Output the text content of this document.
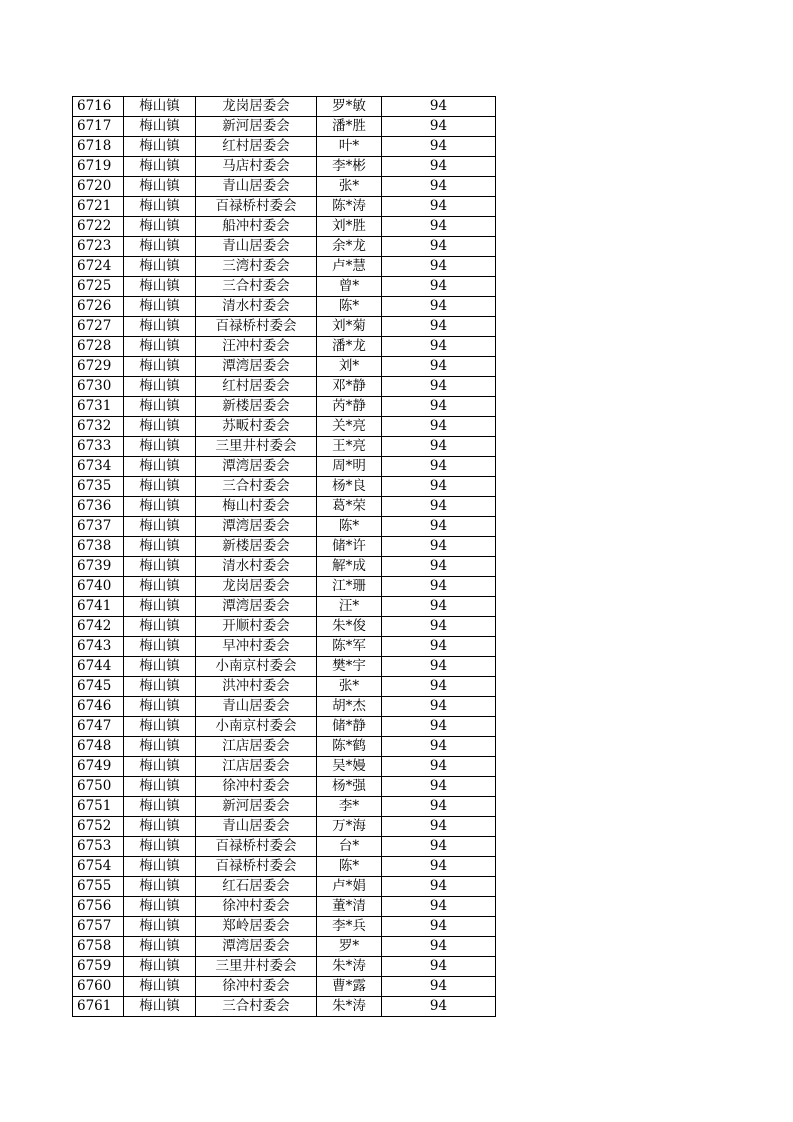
6716	梅山镇	龙岗居委会	罗*敏	94
6717	梅山镇	新河居委会	潘*胜	94
6718	梅山镇	红村居委会	叶*	94
6719	梅山镇	马店村委会	李*彬	94
6720	梅山镇	青山居委会	张*	94
6721	梅山镇	百禄桥村委会	陈*涛	94
6722	梅山镇	船冲村委会	刘*胜	94
6723	梅山镇	青山居委会	余*龙	94
6724	梅山镇	三湾村委会	卢*慧	94
6725	梅山镇	三合村委会	曾*	94
6726	梅山镇	清水村委会	陈*	94
6727	梅山镇	百禄桥村委会	刘*菊	94
6728	梅山镇	汪冲村委会	潘*龙	94
6729	梅山镇	潭湾居委会	刘*	94
6730	梅山镇	红村居委会	邓*静	94
6731	梅山镇	新楼居委会	芮*静	94
6732	梅山镇	苏畈村委会	关*亮	94
6733	梅山镇	三里井村委会	王*亮	94
6734	梅山镇	潭湾居委会	周*明	94
6735	梅山镇	三合村委会	杨*良	94
6736	梅山镇	梅山村委会	葛*荣	94
6737	梅山镇	潭湾居委会	陈*	94
6738	梅山镇	新楼居委会	储*许	94
6739	梅山镇	清水村委会	解*成	94
6740	梅山镇	龙岗居委会	江*珊	94
6741	梅山镇	潭湾居委会	汪*	94
6742	梅山镇	开顺村委会	朱*俊	94
6743	梅山镇	早冲村委会	陈*军	94
6744	梅山镇	小南京村委会	樊*宇	94
6745	梅山镇	洪冲村委会	张*	94
6746	梅山镇	青山居委会	胡*杰	94
6747	梅山镇	小南京村委会	储*静	94
6748	梅山镇	江店居委会	陈*鹤	94
6749	梅山镇	江店居委会	吴*嫚	94
6750	梅山镇	徐冲村委会	杨*强	94
6751	梅山镇	新河居委会	李*	94
6752	梅山镇	青山居委会	万*海	94
6753	梅山镇	百禄桥村委会	台*	94
6754	梅山镇	百禄桥村委会	陈*	94
6755	梅山镇	红石居委会	卢*娟	94
6756	梅山镇	徐冲村委会	董*清	94
6757	梅山镇	郑岭居委会	李*兵	94
6758	梅山镇	潭湾居委会	罗*	94
6759	梅山镇	三里井村委会	朱*涛	94
6760	梅山镇	徐冲村委会	曹*露	94
6761	梅山镇	三合村委会	朱*涛	94
